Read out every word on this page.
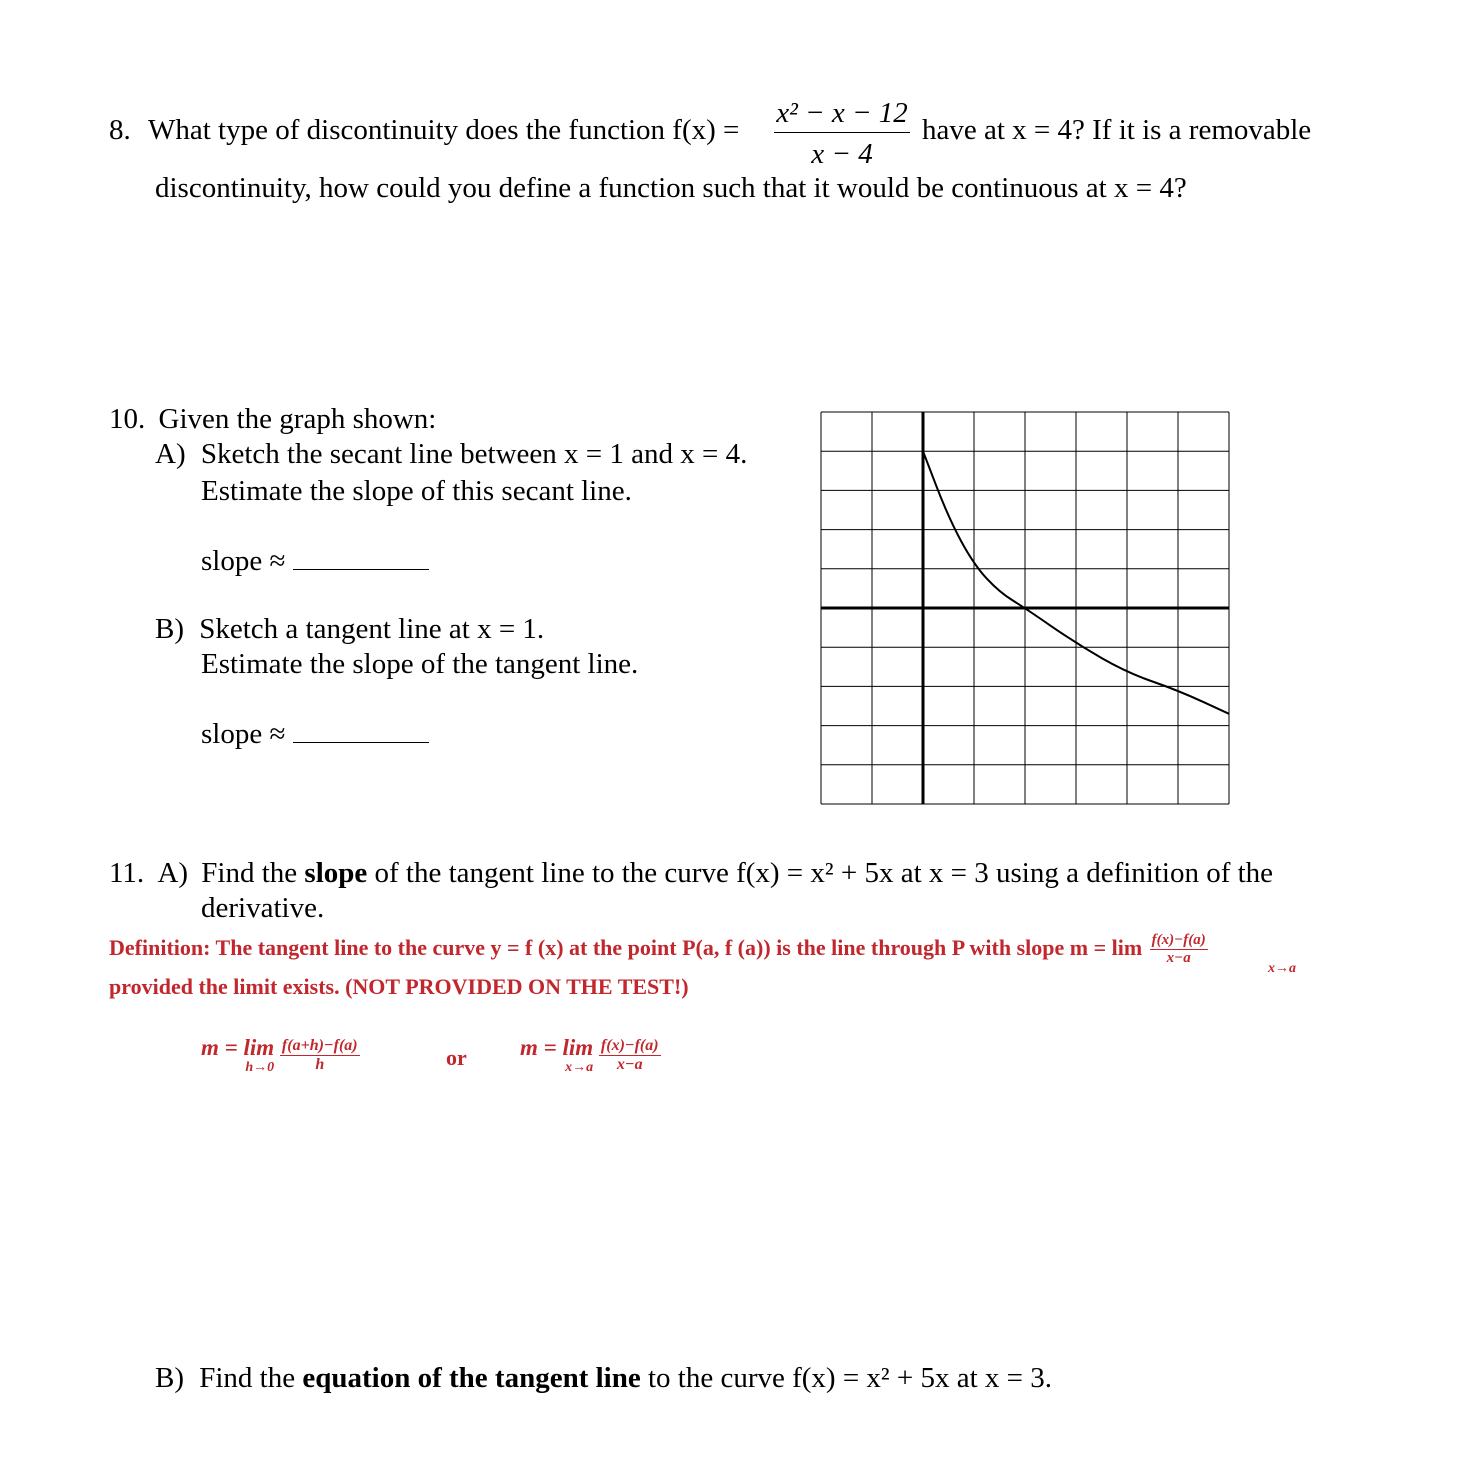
8. What type of discontinuity does the function $f(x) = \frac{\text{x² − x − 12}}{x - 4}$ have at x = 4? If it is a removable
discontinuity, how could you define a function such that it would be continuous at x = 4?
10. Given the graph shown:
A) Sketch the secant line between x = 1 and x = 4.
Estimate the slope of this secant line.
slope ≈
B) Sketch a tangent line at x = 1.
Estimate the slope of the tangent line.
slope ≈
11. A) Find the slope of the tangent line to the curve f(x) = x² + 5x at x = 3 using a definition of the
derivative.
Definition: The tangent line to the curve y = f (x) at the point P(a, f (a)) is the line through P with slope $m = \lim \frac{f(x)-f(a)}{x-a}$
x→a
provided the limit exists. (NOT PROVIDED ON THE TEST!)
m = lim
h→0
$\frac{f(a+h)-f(a)}{h}$	or m = lim
x→a
$\frac{f(x)-f(a)}{x-a}$
B) Find the equation of the tangent line to the curve f(x) = x² + 5x at x = 3.
